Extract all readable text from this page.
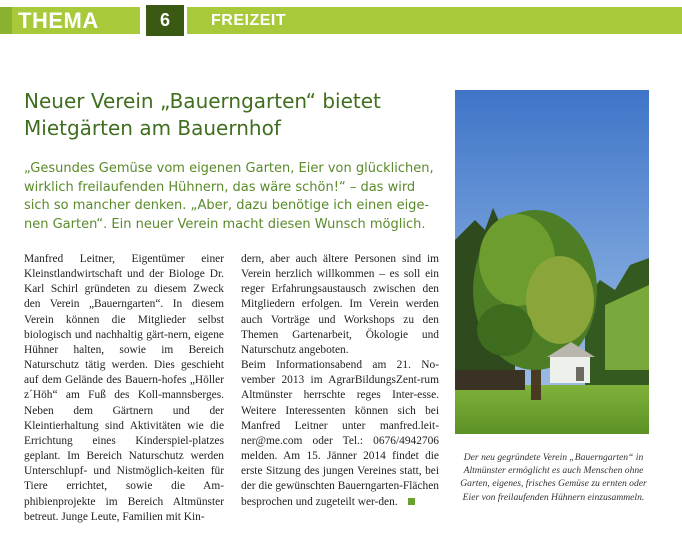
THEMA	6	FREIZEIT
Neuer Verein „Bauerngarten“ bietet
Mietgärten am Bauernhof

„Gesundes Gemüse vom eigenen Garten, Eier von glücklichen, wirklich freilaufenden Hühnern, das wäre schön!“ – das wird sich so mancher denken. „Aber, dazu benötige ich einen eige-nen Garten“. Ein neuer Verein macht diesen Wunsch möglich.

Manfred Leitner, Eigentümer einer Kleinstlandwirtschaft und der Biologe Dr. Karl Schirl gründeten zu diesem Zweck den Verein „Bauerngarten“. In diesem Verein können die Mitglieder selbst biologisch und nachhaltig gärt-nern, eigene Hühner halten, sowie im Bereich Naturschutz tätig werden. Dies geschieht auf dem Gelände des Bauern-hofes „Höller z´Höh“ am Fuß des Koll-mannsberges. Neben dem Gärtnern und der Kleintierhaltung sind Aktivitäten wie die Errichtung eines Kinderspiel-platzes geplant. Im Bereich Naturschutz werden Unterschlupf- und Nistmöglich-keiten für Tiere errichtet, sowie die Am-phibienprojekte im Bereich Altmünster betreut. Junge Leute, Familien mit Kin-

dern, aber auch ältere Personen sind im Verein herzlich willkommen – es soll ein reger Erfahrungsaustausch zwischen den Mitgliedern erfolgen. Im Verein werden auch Vorträge und Workshops zu den Themen Gartenarbeit, Ökologie und Naturschutz angeboten.

Beim Informationsabend am 21. No-vember 2013 im AgrarBildungsZent-rum Altmünster herrschte reges Inter-esse. Weitere Interessenten können sich bei Manfred Leitner unter manfred.leit-ner@me.com oder Tel.: 0676/4942706 melden. Am 15. Jänner 2014 findet die erste Sitzung des jungen Vereines statt, bei der die gewünschten Bauerngarten-Flächen besprochen und zugeteilt wer-den.

Der neu gegründete Verein „Bauerngarten“ in Altmünster ermöglicht es auch Menschen ohne Garten, eigenes, frisches Gemüse zu ernten oder Eier von freilaufenden Hühnern einzusammeln.
